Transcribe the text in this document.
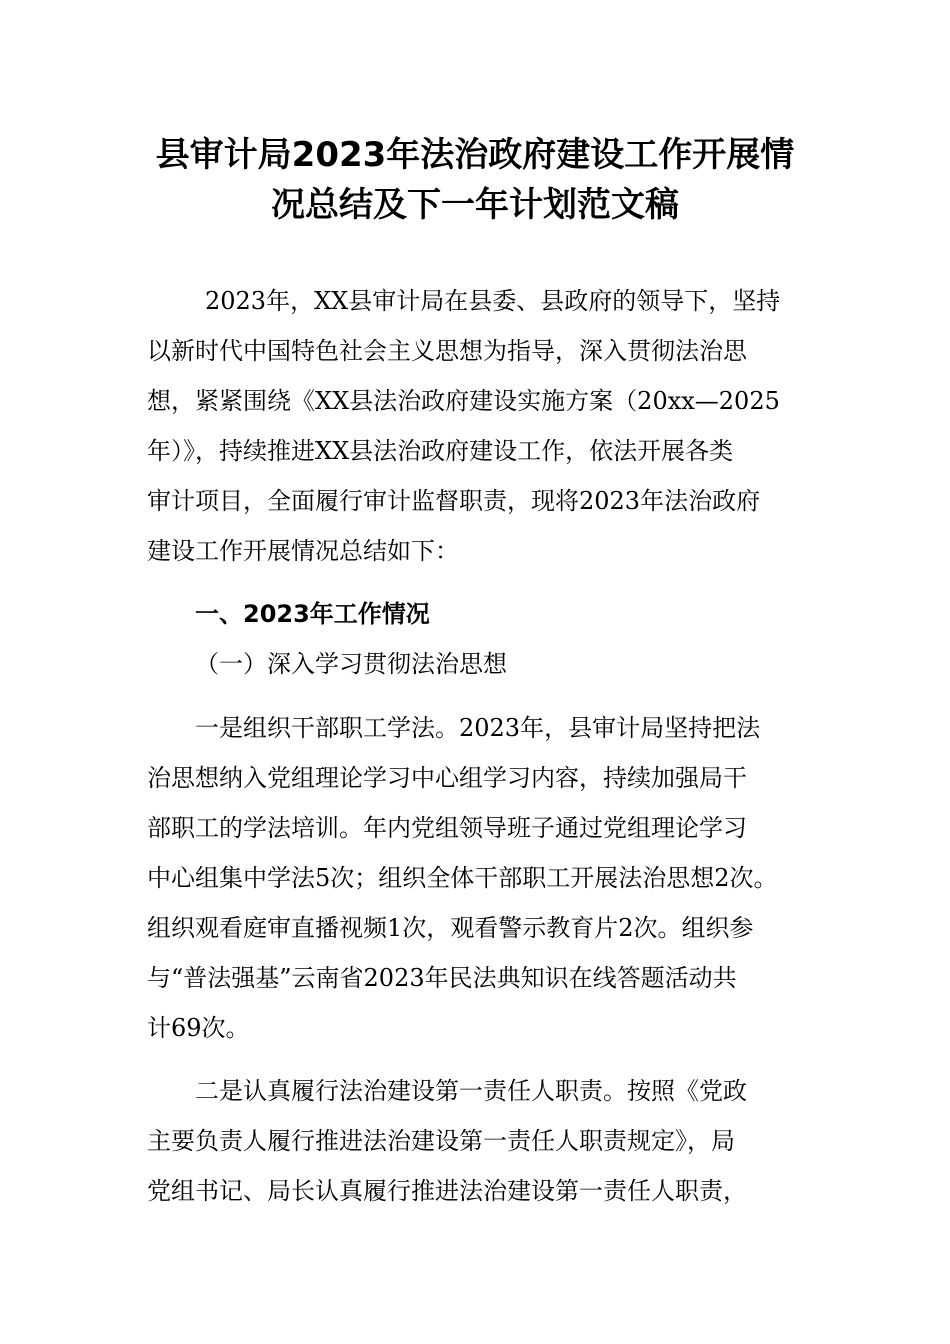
县审计局2023年法治政府建设工作开展情
况总结及下一年计划范文稿
2023年，XX县审计局在县委、县政府的领导下，坚持
以新时代中国特色社会主义思想为指导，深入贯彻法治思
想，紧紧围绕《XX县法治政府建设实施方案（20xx—2025
年）》，持续推进XX县法治政府建设工作，依法开展各类
审计项目，全面履行审计监督职责，现将2023年法治政府
建设工作开展情况总结如下：
一、2023年工作情况
（一）深入学习贯彻法治思想
一是组织干部职工学法。2023年，县审计局坚持把法
治思想纳入党组理论学习中心组学习内容，持续加强局干
部职工的学法培训。年内党组领导班子通过党组理论学习
中心组集中学法5次；组织全体干部职工开展法治思想2次。
组织观看庭审直播视频1次，观看警示教育片2次。组织参
与“普法强基”云南省2023年民法典知识在线答题活动共
计69次。
二是认真履行法治建设第一责任人职责。按照《党政
主要负责人履行推进法治建设第一责任人职责规定》，局
党组书记、局长认真履行推进法治建设第一责任人职责，
